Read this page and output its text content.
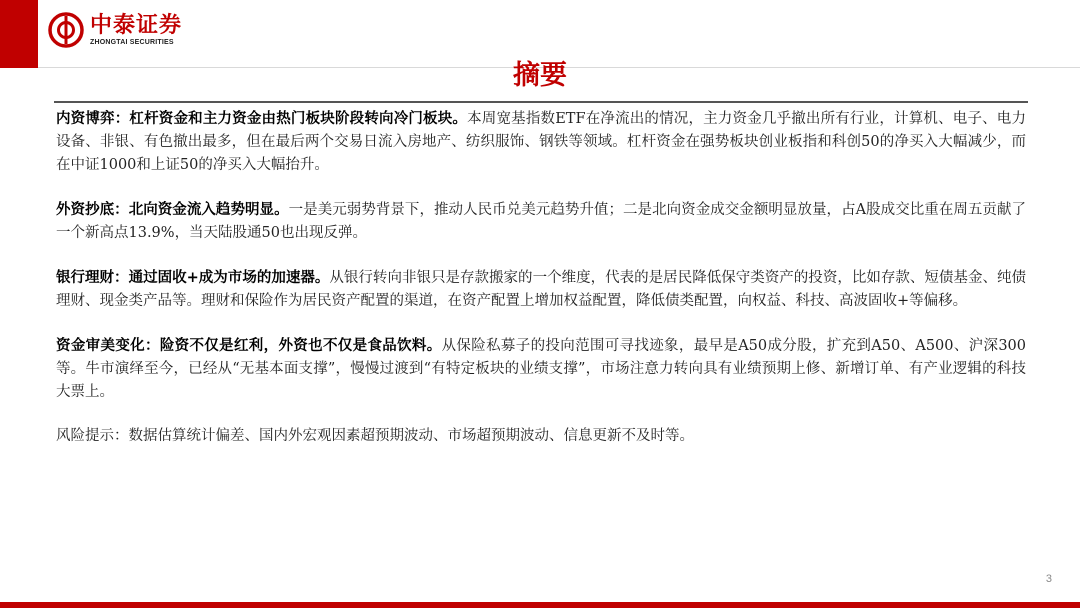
中泰证券
ZHONGTAI SECURITIES
摘要

内资博弈：杠杆资金和主力资金由热门板块阶段转向冷门板块。本周宽基指数ETF在净流出的情况，主力资金几乎撤出所有行业，计算机、电子、电力设备、非银、有色撤出最多，但在最后两个交易日流入房地产、纺织服饰、钢铁等领域。杠杆资金在强势板块创业板指和科创50的净买入大幅减少，而在中证1000和上证50的净买入大幅抬升。

外资抄底：北向资金流入趋势明显。一是美元弱势背景下，推动人民币兑美元趋势升值；二是北向资金成交金额明显放量，占A股成交比重在周五贡献了一个新高点13.9%，当天陆股通50也出现反弹。

银行理财：通过固收+成为市场的加速器。从银行转向非银只是存款搬家的一个维度，代表的是居民降低保守类资产的投资，比如存款、短债基金、纯债理财、现金类产品等。理财和保险作为居民资产配置的渠道，在资产配置上增加权益配置，降低债类配置，向权益、科技、高波固收+等偏移。

资金审美变化：险资不仅是红利，外资也不仅是食品饮料。从保险私募子的投向范围可寻找迹象，最早是A50成分股，扩充到A50、A500、沪深300等。牛市演绎至今，已经从“无基本面支撑”，慢慢过渡到“有特定板块的业绩支撑”，市场注意力转向具有业绩预期上修、新增订单、有产业逻辑的科技大票上。

风险提示：数据估算统计偏差、国内外宏观因素超预期波动、市场超预期波动、信息更新不及时等。

3
